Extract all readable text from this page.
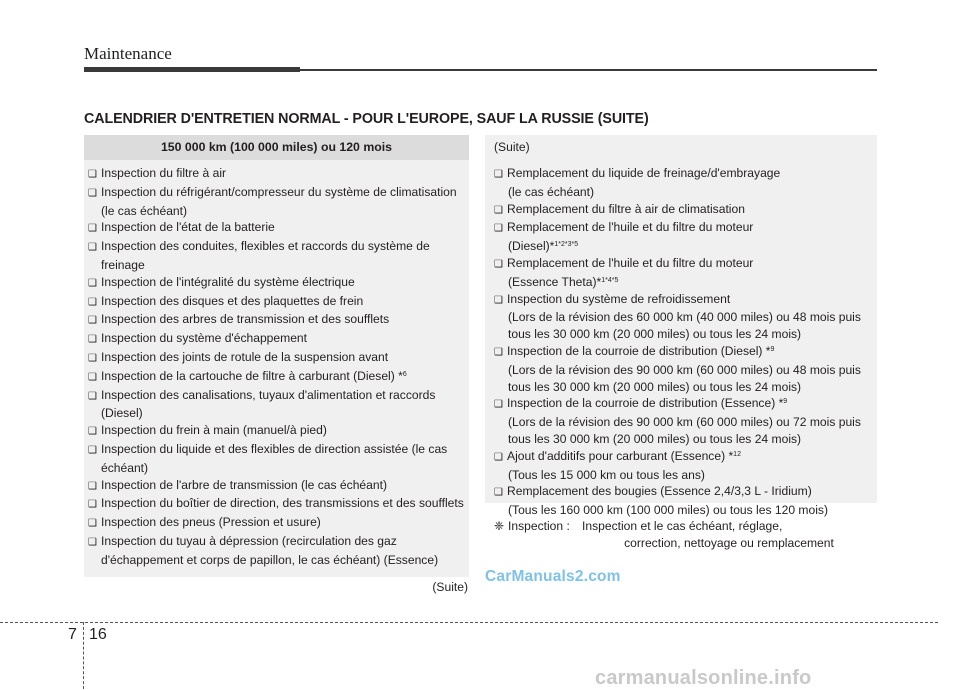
Maintenance
CALENDRIER D'ENTRETIEN NORMAL - POUR L'EUROPE, SAUF LA RUSSIE (SUITE)
150 000 km (100 000 miles) ou 120 mois
❑ Inspection du filtre à air
❑ Inspection du réfrigérant/compresseur du système de climatisation (le cas échéant)
❑ Inspection de l'état de la batterie
❑ Inspection des conduites, flexibles et raccords du système de freinage
❑ Inspection de l'intégralité du système électrique
❑ Inspection des disques et des plaquettes de frein
❑ Inspection des arbres de transmission et des soufflets
❑ Inspection du système d'échappement
❑ Inspection des joints de rotule de la suspension avant
❑ Inspection de la cartouche de filtre à carburant (Diesel) *$^6$
❑ Inspection des canalisations, tuyaux d'alimentation et raccords (Diesel)
❑ Inspection du frein à main (manuel/à pied)
❑ Inspection du liquide et des flexibles de direction assistée (le cas échéant)
❑ Inspection de l'arbre de transmission (le cas échéant)
❑ Inspection du boîtier de direction, des transmissions et des soufflets
❑ Inspection des pneus (Pression et usure)
❑ Inspection du tuyau à dépression (recirculation des gaz d'échappement et corps de papillon, le cas échéant) (Essence)
(Suite)
(Suite)
❑ Remplacement du liquide de freinage/d'embrayage
(le cas échéant)
❑ Remplacement du filtre à air de climatisation
❑ Remplacement de l'huile et du filtre du moteur
(Diesel)*$^{1*2*3*5}$
❑ Remplacement de l'huile et du filtre du moteur
(Essence Theta)*$^{1*4*5}$
❑ Inspection du système de refroidissement
(Lors de la révision des 60 000 km (40 000 miles) ou 48 mois puis tous les 30 000 km (20 000 miles) ou tous les 24 mois)
❑ Inspection de la courroie de distribution (Diesel) *$^9$
(Lors de la révision des 90 000 km (60 000 miles) ou 48 mois puis tous les 30 000 km (20 000 miles) ou tous les 24 mois)
❑ Inspection de la courroie de distribution (Essence) *$^9$
(Lors de la révision des 90 000 km (60 000 miles) ou 72 mois puis tous les 30 000 km (20 000 miles) ou tous les 24 mois)
❑ Ajout d'additifs pour carburant (Essence) *$^{12}$
(Tous les 15 000 km ou tous les ans)
❑ Remplacement des bougies (Essence 2,4/3,3 L - Iridium)
(Tous les 160 000 km (100 000 miles) ou tous les 120 mois)
❈ Inspection : Inspection et le cas échéant, réglage,
correction, nettoyage ou remplacement
CarManuals2.com
7 16
carmanualsonline.info
